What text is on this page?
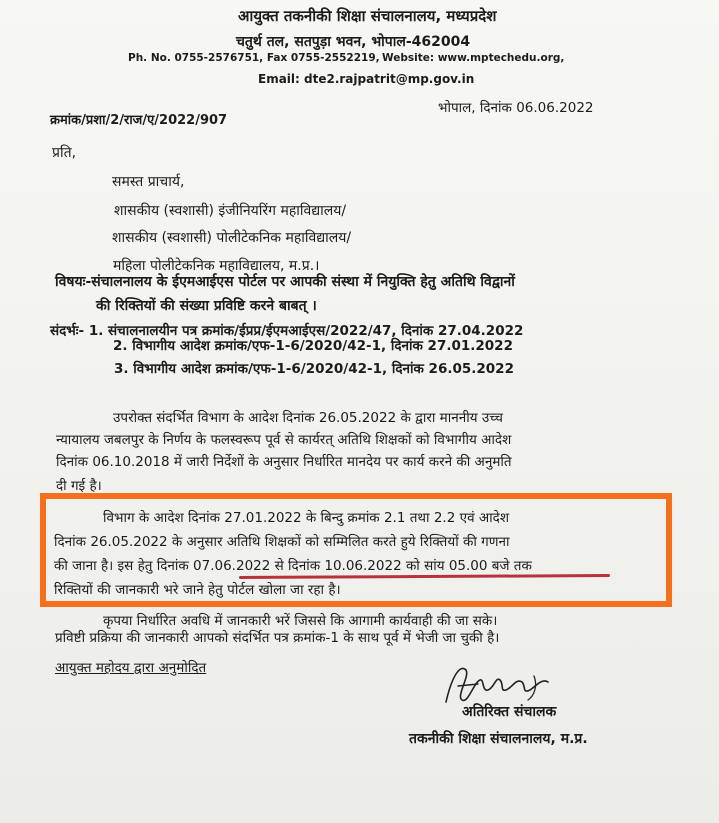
आयुक्त तकनीकी शिक्षा संचालनालय, मध्यप्रदेश
चतुर्थ तल, सतपुड़ा भवन, भोपाल-462004
Ph. No. 0755-2576751, Fax 0755-2552219, Website: www.mptechedu.org,
Email: dte2.rajpatrit@mp.gov.in
क्रमांक/प्रशा/2/राज/ए/2022/907
भोपाल, दिनांक 06.06.2022
प्रति,
समस्त प्राचार्य,
शासकीय (स्वशासी) इंजीनियरिंग महाविद्यालय/
शासकीय (स्वशासी) पोलीटेकनिक महाविद्यालय/
महिला पोलीटेकनिक महाविद्यालय, म.प्र.।
विषयः-संचालनालय के ईएमआईएस पोर्टल पर आपकी संस्था में नियुक्ति हेतु अतिथि विद्वानों
की रिक्तियों की संख्या प्रविष्टि करने बाबत् ।
संदर्भः- 1. संचालनालयीन पत्र क्रमांक/ईप्रप्र/ईएमआईएस/2022/47, दिनांक 27.04.2022
2. विभागीय आदेश क्रमांक/एफ-1-6/2020/42-1, दिनांक 27.01.2022
3. विभागीय आदेश क्रमांक/एफ-1-6/2020/42-1, दिनांक 26.05.2022
उपरोक्त संदर्भित विभाग के आदेश दिनांक 26.05.2022 के द्वारा माननीय उच्च
न्यायालय जबलपुर के निर्णय के फलस्वरूप पूर्व से कार्यरत् अतिथि शिक्षकों को विभागीय आदेश
दिनांक 06.10.2018 में जारी निर्देशों के अनुसार निर्धारित मानदेय पर कार्य करने की अनुमति
दी गई है।
विभाग के आदेश दिनांक 27.01.2022 के बिन्दु क्रमांक 2.1 तथा 2.2 एवं आदेश
दिनांक 26.05.2022 के अनुसार अतिथि शिक्षकों को सम्मिलित करते हुये रिक्तियों की गणना
की जाना है। इस हेतु दिनांक 07.06.2022 से दिनांक 10.06.2022 को सांय 05.00 बजे तक
रिक्तियों की जानकारी भरे जाने हेतु पोर्टल खोला जा रहा है।
कृपया निर्धारित अवधि में जानकारी भरें जिससे कि आगामी कार्यवाही की जा सके।
प्रविष्टी प्रक्रिया की जानकारी आपको संदर्भित पत्र क्रमांक-1 के साथ पूर्व में भेजी जा चुकी है।
आयुक्त महोदय द्वारा अनुमोदित
अतिरिक्त संचालक
तकनीकी शिक्षा संचालनालय, म.प्र.
